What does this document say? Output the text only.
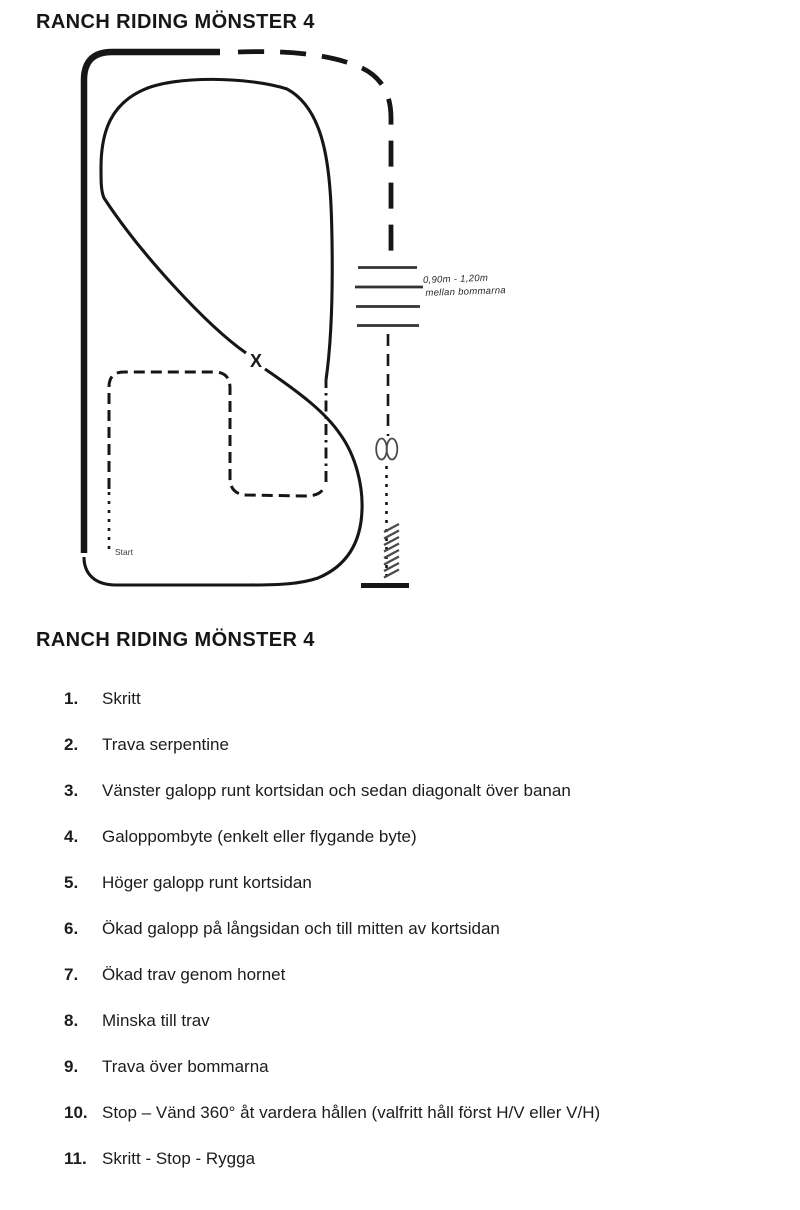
RANCH RIDING MÖNSTER 4
0,90m - 1,20m
mellan bommarna
Start
X
RANCH RIDING MÖNSTER 4
1. Skritt
2. Trava serpentine
3. Vänster galopp runt kortsidan och sedan diagonalt över banan
4. Galoppombyte (enkelt eller flygande byte)
5. Höger galopp runt kortsidan
6. Ökad galopp på långsidan och till mitten av kortsidan
7. Ökad trav genom hornet
8. Minska till trav
9. Trava över bommarna
10. Stop – Vänd 360° åt vardera hållen (valfritt håll först H/V eller V/H)
11. Skritt - Stop - Rygga
